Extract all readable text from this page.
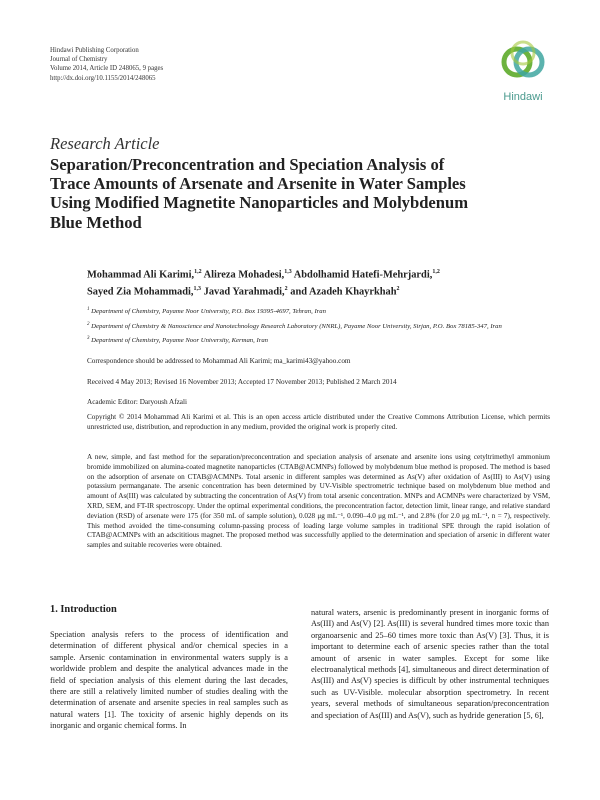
Hindawi Publishing Corporation
Journal of Chemistry
Volume 2014, Article ID 248065, 9 pages
http://dx.doi.org/10.1155/2014/248065
Hindawi
Research Article
Separation/Preconcentration and Speciation Analysis of
Trace Amounts of Arsenate and Arsenite in Water Samples
Using Modified Magnetite Nanoparticles and Molybdenum
Blue Method
Mohammad Ali Karimi,$^{1,2}$ Alireza Mohadesi,$^{1,3}$ Abdolhamid Hatefi-Mehrjardi,$^{1,2}$
Sayed Zia Mohammadi,$^{1,3}$ Javad Yarahmadi,$^2$ and Azadeh Khayrkhah$^2$
$^1$ Department of Chemistry, Payame Noor University, P.O. Box 19395-4697, Tehran, Iran
$^2$ Department of Chemistry & Nanoscience and Nanotechnology Research Laboratory (NNRL), Payame Noor University, Sirjan, P.O. Box 78185-347, Iran
$^3$ Department of Chemistry, Payame Noor University, Kerman, Iran
Correspondence should be addressed to Mohammad Ali Karimi; ma_karimi43@yahoo.com
Received 4 May 2013; Revised 16 November 2013; Accepted 17 November 2013; Published 2 March 2014
Academic Editor: Daryoush Afzali
Copyright © 2014 Mohammad Ali Karimi et al. This is an open access article distributed under the Creative Commons Attribution License, which permits unrestricted use, distribution, and reproduction in any medium, provided the original work is properly cited.
A new, simple, and fast method for the separation/preconcentration and speciation analysis of arsenate and arsenite ions using cetyltrimethyl ammonium bromide immobilized on alumina-coated magnetite nanoparticles (CTAB@ACMNPs) followed by molybdenum blue method is proposed. The method is based on the adsorption of arsenate on CTAB@ACMNPs. Total arsenic in different samples was determined as As(V) after oxidation of As(III) to As(V) using potassium permanganate. The arsenic concentration has been determined by UV-Visible spectrometric technique based on molybdenum blue method and amount of As(III) was calculated by subtracting the concentration of As(V) from total arsenic concentration. MNPs and ACMNPs were characterized by VSM, XRD, SEM, and FT-IR spectroscopy. Under the optimal experimental conditions, the preconcentration factor, detection limit, linear range, and relative standard deviation (RSD) of arsenate were 175 (for 350 mL of sample solution), 0.028 μg mL⁻¹, 0.090–4.0 μg mL⁻¹, and 2.8% (for 2.0 μg mL⁻¹, n = 7), respectively. This method avoided the time-consuming column-passing process of loading large volume samples in traditional SPE through the rapid isolation of CTAB@ACMNPs with an adscititious magnet. The proposed method was successfully applied to the determination and speciation of arsenic in different water samples and suitable recoveries were obtained.
1. Introduction
Speciation analysis refers to the process of identification and determination of different physical and/or chemical species in a sample. Arsenic contamination in environmental waters supply is a worldwide problem and despite the analytical advances made in the field of speciation analysis of this element during the last decades, there are still a relatively limited number of studies dealing with the determination of arsenate and arsenite species in real samples such as natural waters [1]. The toxicity of arsenic highly depends on its inorganic and organic chemical forms. In
natural waters, arsenic is predominantly present in inorganic forms of As(III) and As(V) [2]. As(III) is several hundred times more toxic than organoarsenic and 25–60 times more toxic than As(V) [3]. Thus, it is important to determine each of arsenic species rather than the total amount of arsenic in water samples. Except for some like electroanalytical methods [4], simultaneous and direct determination of As(III) and As(V) species is difficult by other instrumental techniques such as UV-Visible. molecular absorption spectrometry. In recent years, several methods of simultaneous separation/preconcentration and speciation of As(III) and As(V), such as hydride generation [5, 6],
